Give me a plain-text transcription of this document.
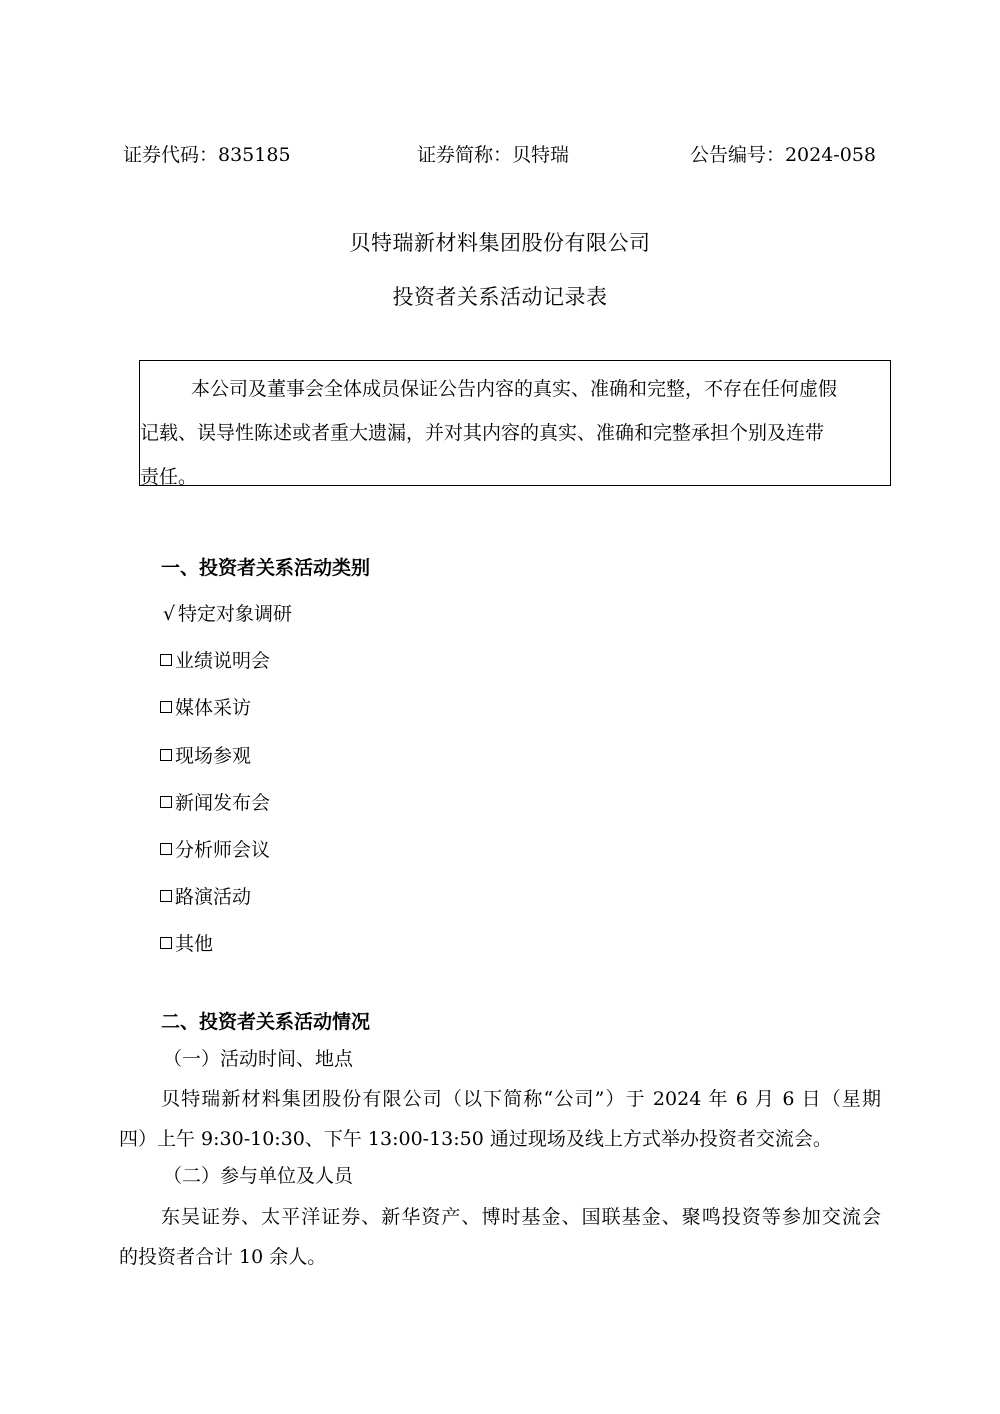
证券代码：835185	证券简称：贝特瑞	公告编号：2024-058
贝特瑞新材料集团股份有限公司
投资者关系活动记录表
本公司及董事会全体成员保证公告内容的真实、准确和完整，不存在任何虚假
记载、误导性陈述或者重大遗漏，并对其内容的真实、准确和完整承担个别及连带
责任。
一、投资者关系活动类别
√ 特定对象调研
业绩说明会
媒体采访
现场参观
新闻发布会
分析师会议
路演活动
其他
二、投资者关系活动情况
（一）活动时间、地点
贝特瑞新材料集团股份有限公司（以下简称“公司”）于 2024 年 6 月 6 日（星期
四）上午 9:30-10:30、下午 13:00-13:50 通过现场及线上方式举办投资者交流会。
（二）参与单位及人员
东吴证券、太平洋证券、新华资产、博时基金、国联基金、聚鸣投资等参加交流会
的投资者合计 10 余人。
